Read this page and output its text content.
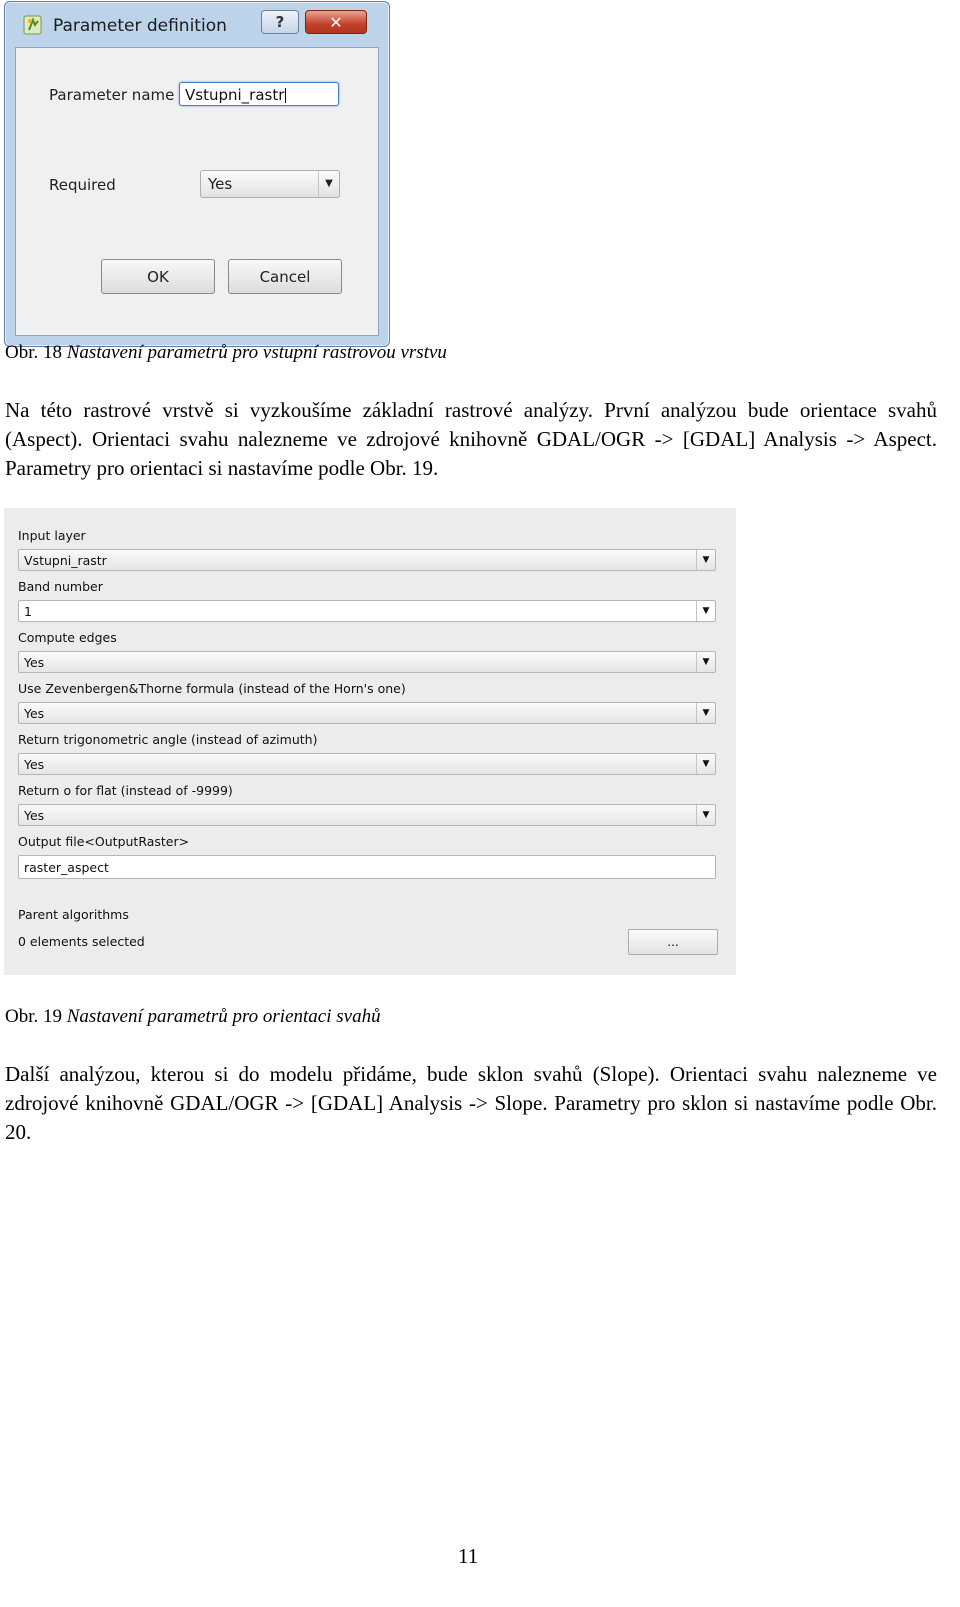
Parameter definition	?	✕
Parameter name Vstupni_rastr
Required	Yes	▼
OK	Cancel
Obr. 18 Nastavení parametrů pro vstupní rastrovou vrstvu
Na této rastrové vrstvě si vyzkoušíme základní rastrové analýzy. První analýzou bude orientace svahů (Aspect). Orientaci svahu nalezneme ve zdrojové knihovně GDAL/OGR -> [GDAL] Analysis -> Aspect. Parametry pro orientaci si nastavíme podle Obr. 19.
Input layer
Vstupni_rastr	▼
Band number
1	▼
Compute edges
Yes	▼
Use Zevenbergen&Thorne formula (instead of the Horn's one)
Yes	▼
Return trigonometric angle (instead of azimuth)
Yes	▼
Return o for flat (instead of -9999)
Yes	▼
Output file<OutputRaster>
raster_aspect
Parent algorithms
0 elements selected	...
Obr. 19 Nastavení parametrů pro orientaci svahů
Další analýzou, kterou si do modelu přidáme, bude sklon svahů (Slope). Orientaci svahu nalezneme ve zdrojové knihovně GDAL/OGR -> [GDAL] Analysis -> Slope. Parametry pro sklon si nastavíme podle Obr. 20.
11
